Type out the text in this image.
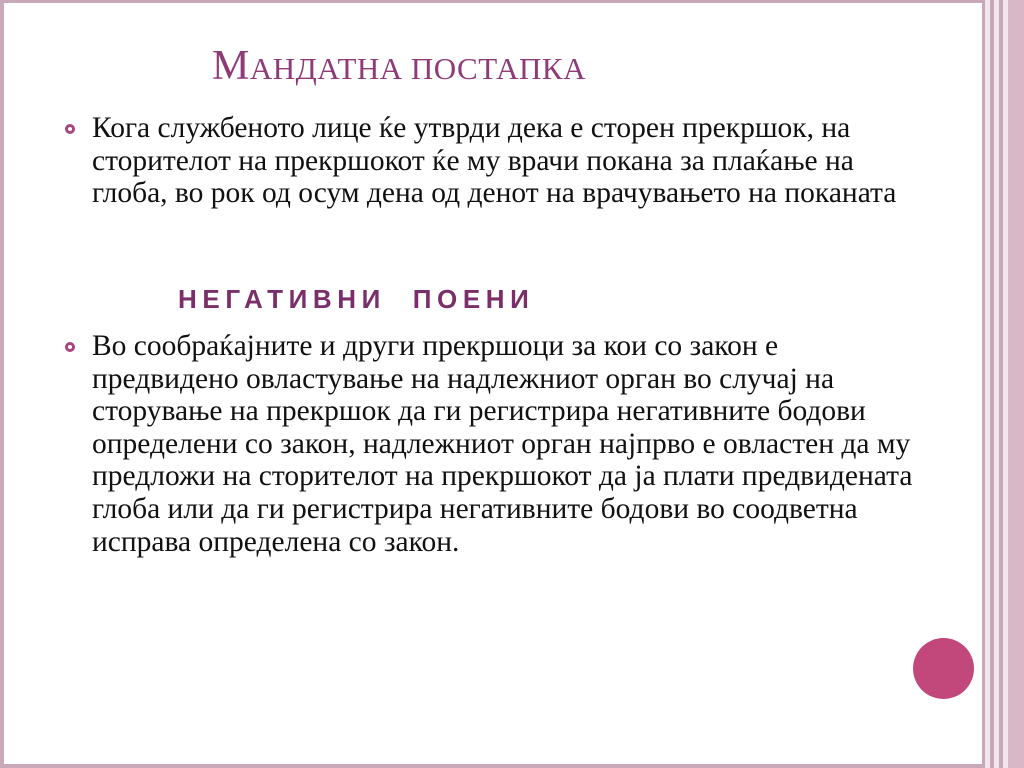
МАНДАТНА ПОСТАПКА

Кога службеното лице ќе утврди дека е сторен прекршок, на сторителот на прекршокот ќе му врачи покана за плаќање на глоба, во рок од осум дена од денот на врачувањето на поканата

НЕГАТИВНИ ПОЕНИ

Во сообраќајните и други прекршоци за кои со закон е предвидено овластување на надлежниот орган во случај на сторување на прекршок да ги регистрира негативните бодови определени со закон, надлежниот орган најпрво е овластен да му предложи на сторителот на прекршокот да ја плати предвидената глоба или да ги регистрира негативните бодови во соодветна исправа определена со закон.
